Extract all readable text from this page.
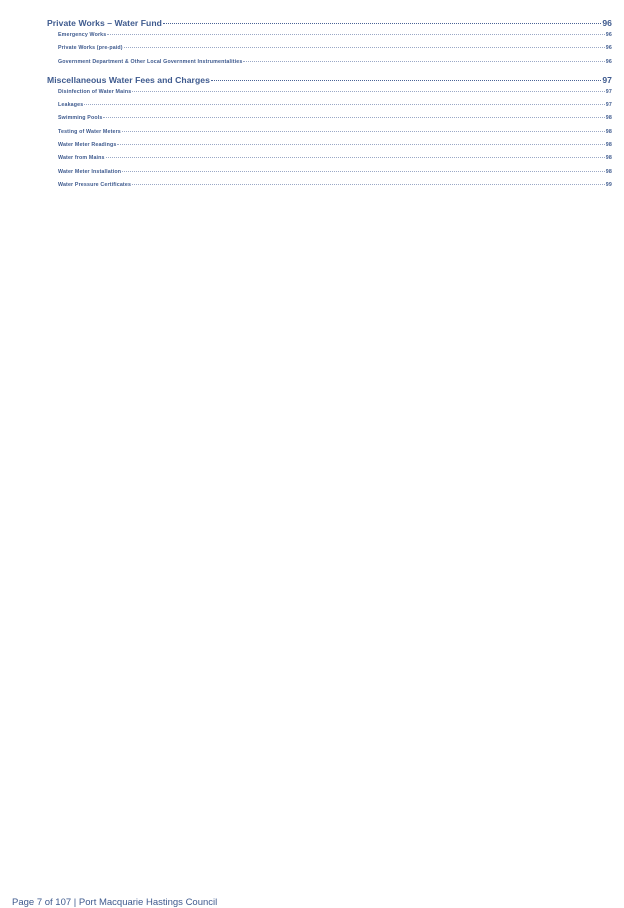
Private Works – Water Fund	96
Emergency Works	96
Private Works (pre-paid)	96
Government Department & Other Local Government Instrumentalities	96
Miscellaneous Water Fees and Charges	97
Disinfection of Water Mains	97
Leakages	97
Swimming Pools	98
Testing of Water Meters	98
Water Meter Readings	98
Water from Mains	98
Water Meter Installation	98
Water Pressure Certificates	99
Page 7 of 107 | Port Macquarie Hastings Council
